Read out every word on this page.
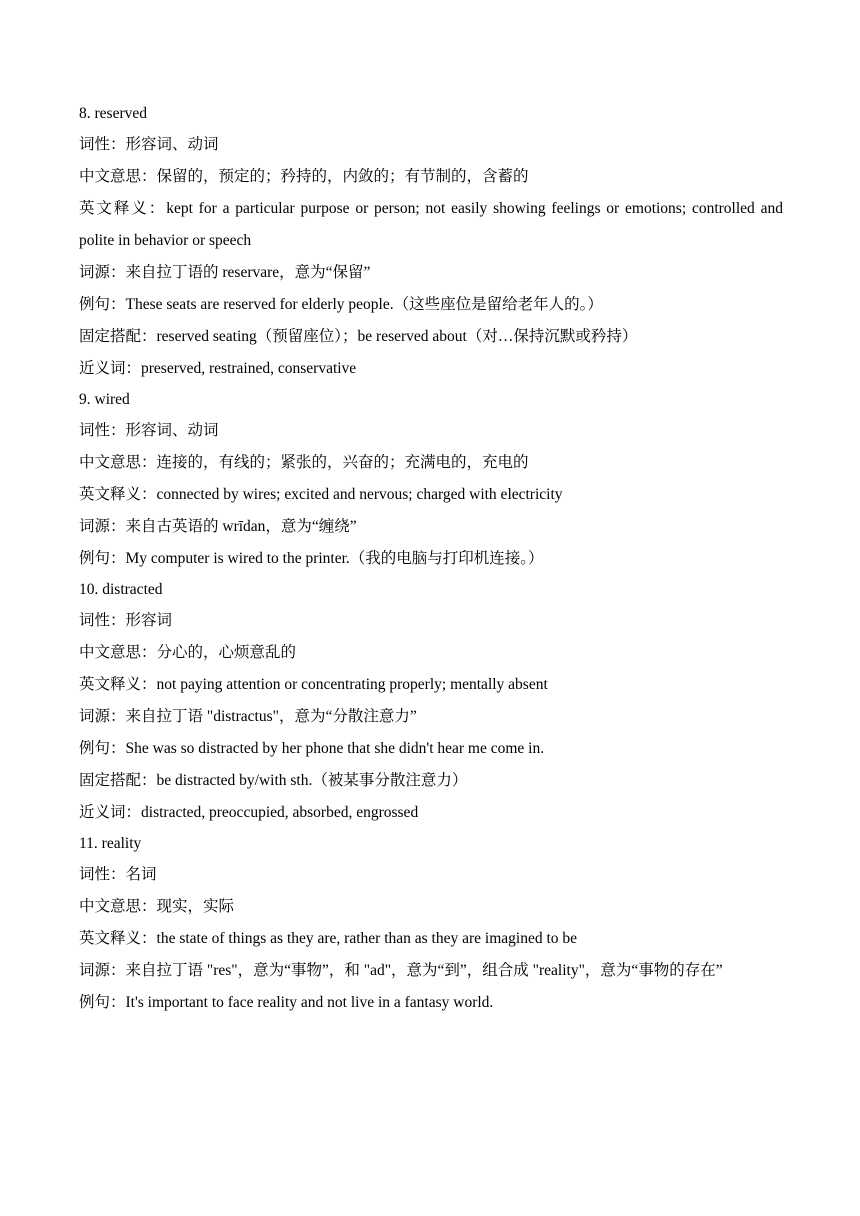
8. reserved
词性：形容词、动词
中文意思：保留的，预定的；矜持的，内敛的；有节制的，含蓄的
英文释义：kept for a particular purpose or person; not easily showing feelings or emotions; controlled and polite in behavior or speech
词源：来自拉丁语的 reservare，意为“保留”
例句：These seats are reserved for elderly people.（这些座位是留给老年人的。）
固定搭配：reserved seating（预留座位）；be reserved about（对…保持沉默或矜持）
近义词：preserved, restrained, conservative
9. wired
词性：形容词、动词
中文意思：连接的，有线的；紧张的，兴奋的；充满电的，充电的
英文释义：connected by wires; excited and nervous; charged with electricity
词源：来自古英语的 wrīdan，意为“缠绕”
例句：My computer is wired to the printer.（我的电脑与打印机连接。）
10. distracted
词性：形容词
中文意思：分心的，心烦意乱的
英文释义：not paying attention or concentrating properly; mentally absent
词源：来自拉丁语 "distractus"，意为“分散注意力”
例句：She was so distracted by her phone that she didn't hear me come in.
固定搭配：be distracted by/with sth.（被某事分散注意力）
近义词：distracted, preoccupied, absorbed, engrossed
11. reality
词性：名词
中文意思：现实，实际
英文释义：the state of things as they are, rather than as they are imagined to be
词源：来自拉丁语 "res"，意为“事物”，和 "ad"，意为“到”，组合成 "reality"，意为“事物的存在”
例句：It's important to face reality and not live in a fantasy world.
